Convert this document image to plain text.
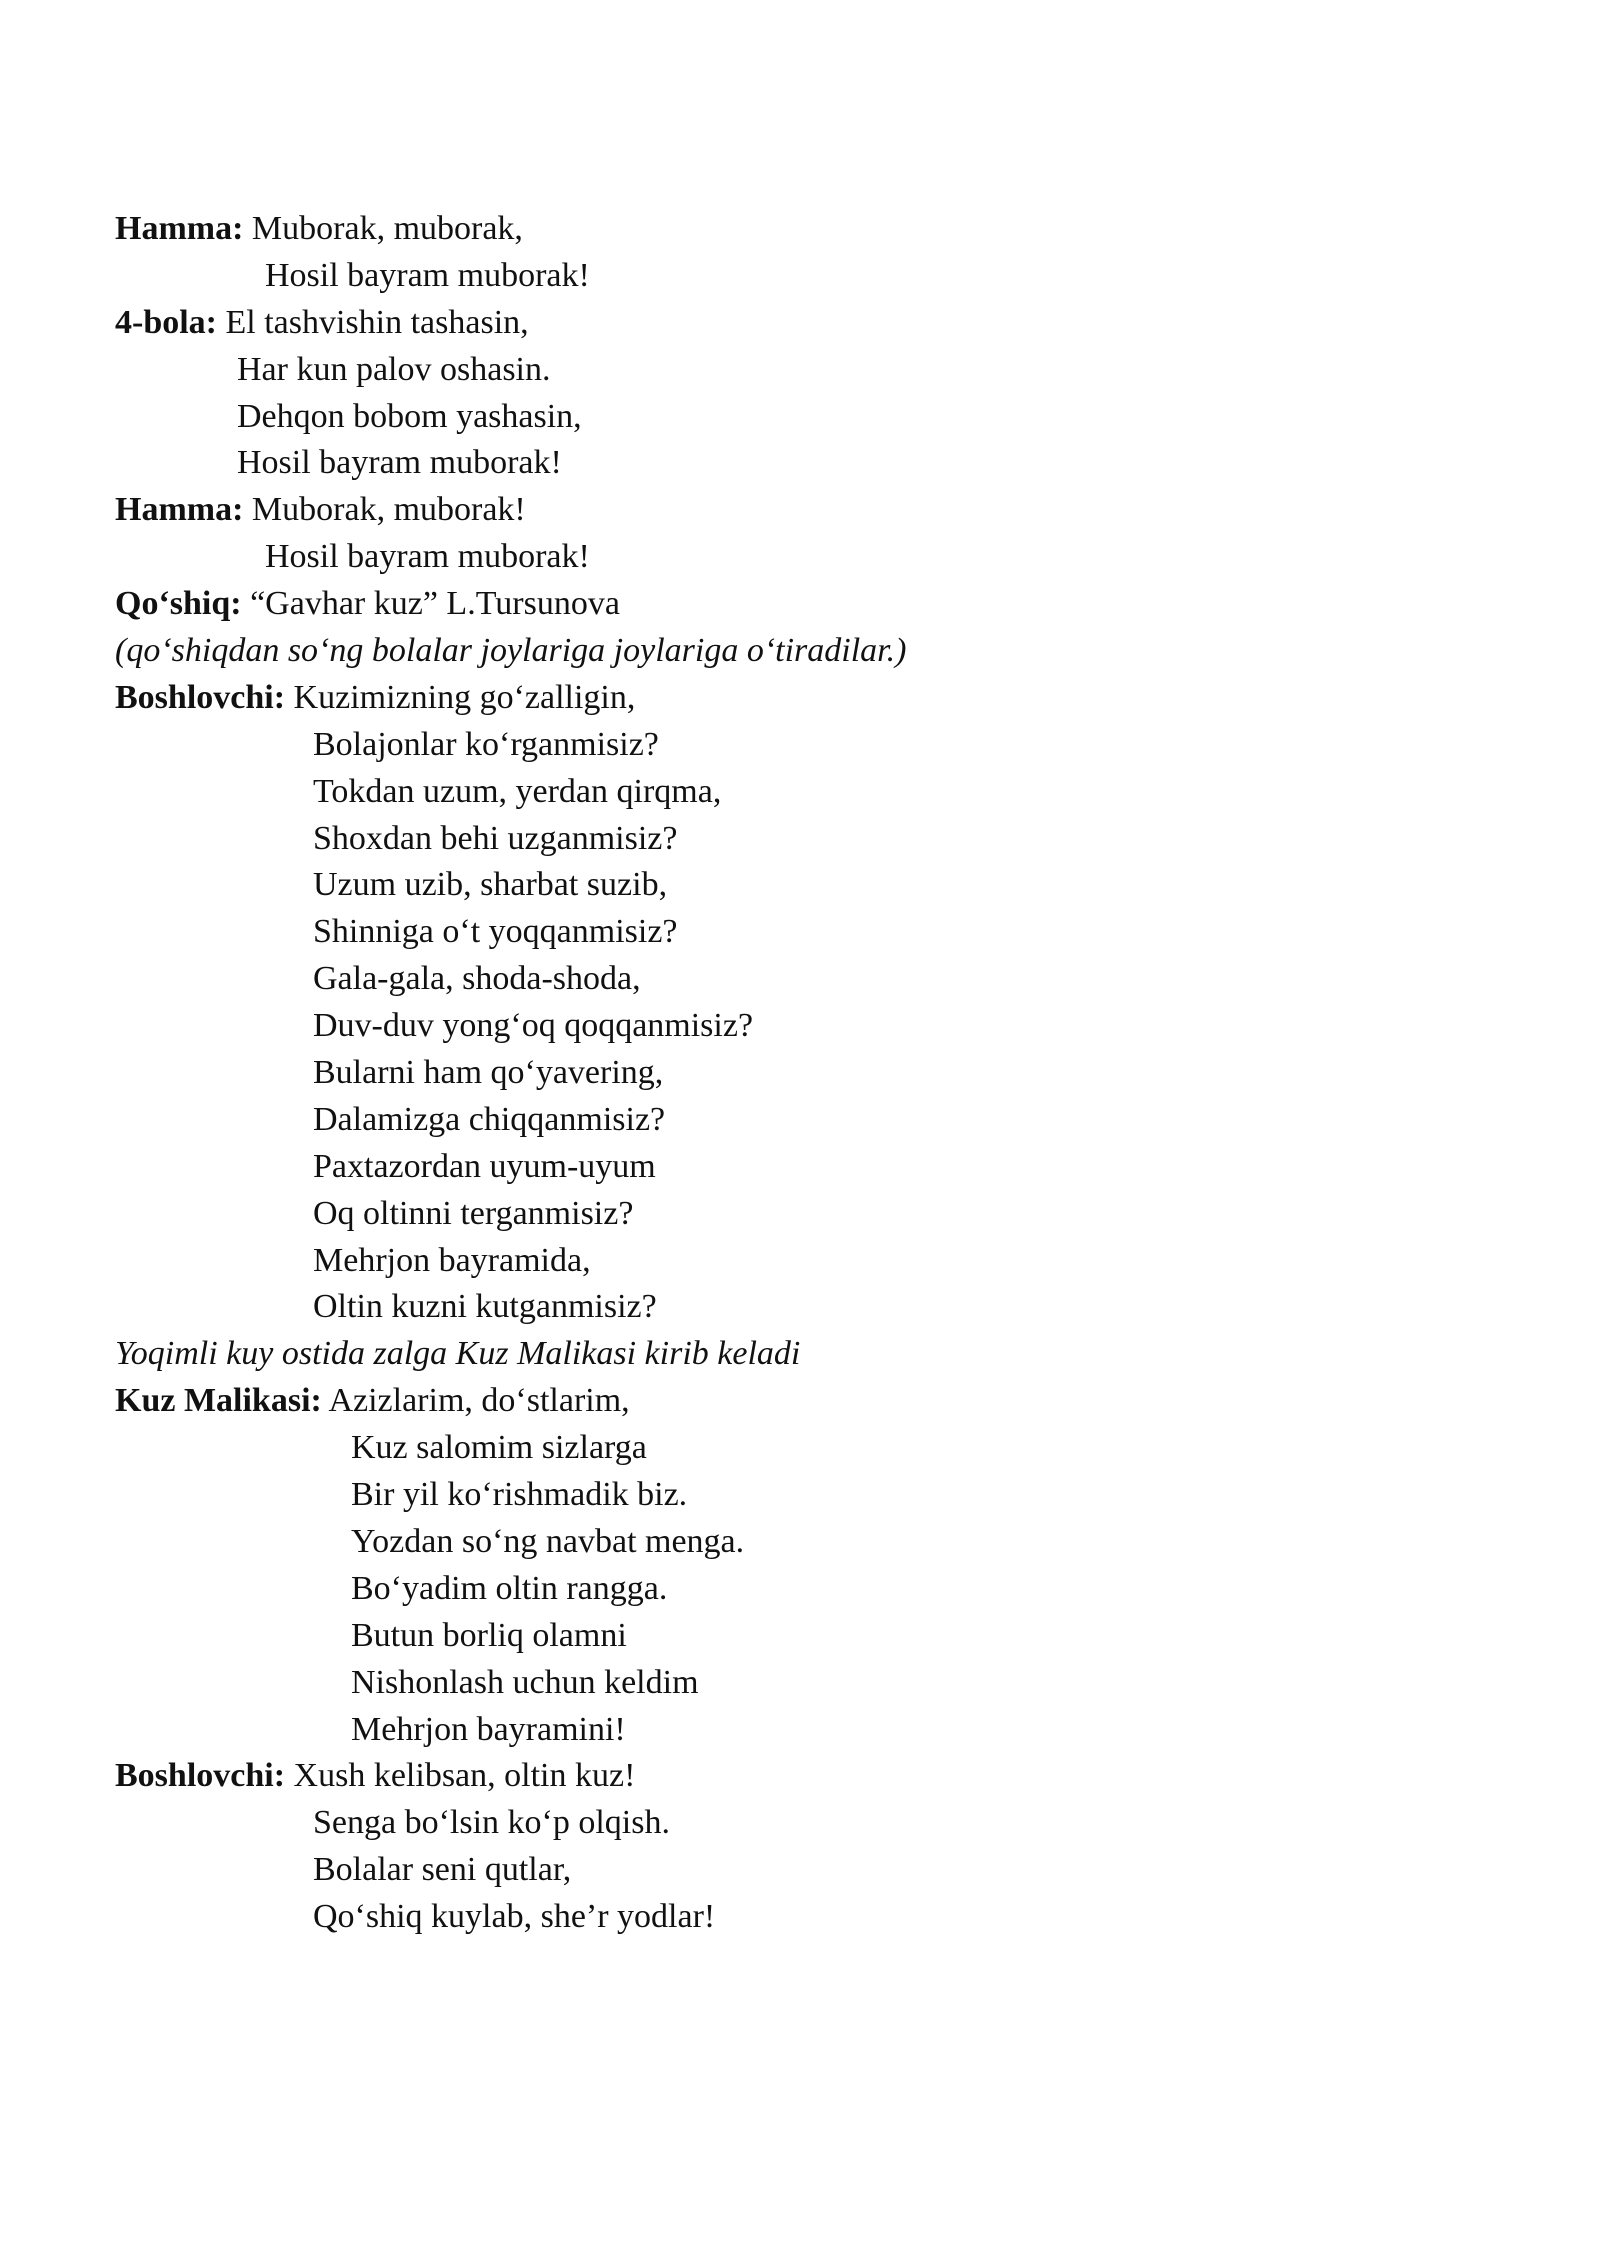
Hamma: Muborak, muborak,
Hosil bayram muborak!
4-bola: El tashvishin tashasin,
Har kun palov oshasin.
Dehqon bobom yashasin,
Hosil bayram muborak!
Hamma: Muborak, muborak!
Hosil bayram muborak!
Qo‘shiq: “Gavhar kuz” L.Tursunova
(qo‘shiqdan so‘ng bolalar joylariga joylariga o‘tiradilar.)
Boshlovchi: Kuzimizning go‘zalligin,
Bolajonlar ko‘rganmisiz?
Tokdan uzum, yerdan qirqma,
Shoxdan behi uzganmisiz?
Uzum uzib, sharbat suzib,
Shinniga o‘t yoqqanmisiz?
Gala-gala, shoda-shoda,
Duv-duv yong‘oq qoqqanmisiz?
Bularni ham qo‘yavering,
Dalamizga chiqqanmisiz?
Paxtazordan uyum-uyum
Oq oltinni terganmisiz?
Mehrjon bayramida,
Oltin kuzni kutganmisiz?
Yoqimli kuy ostida zalga Kuz Malikasi kirib keladi
Kuz Malikasi: Azizlarim, do‘stlarim,
Kuz salomim sizlarga
Bir yil ko‘rishmadik biz.
Yozdan so‘ng navbat menga.
Bo‘yadim oltin rangga.
Butun borliq olamni
Nishonlash uchun keldim
Mehrjon bayramini!
Boshlovchi: Xush kelibsan, oltin kuz!
Senga bo‘lsin ko‘p olqish.
Bolalar seni qutlar,
Qo‘shiq kuylab, she’r yodlar!
